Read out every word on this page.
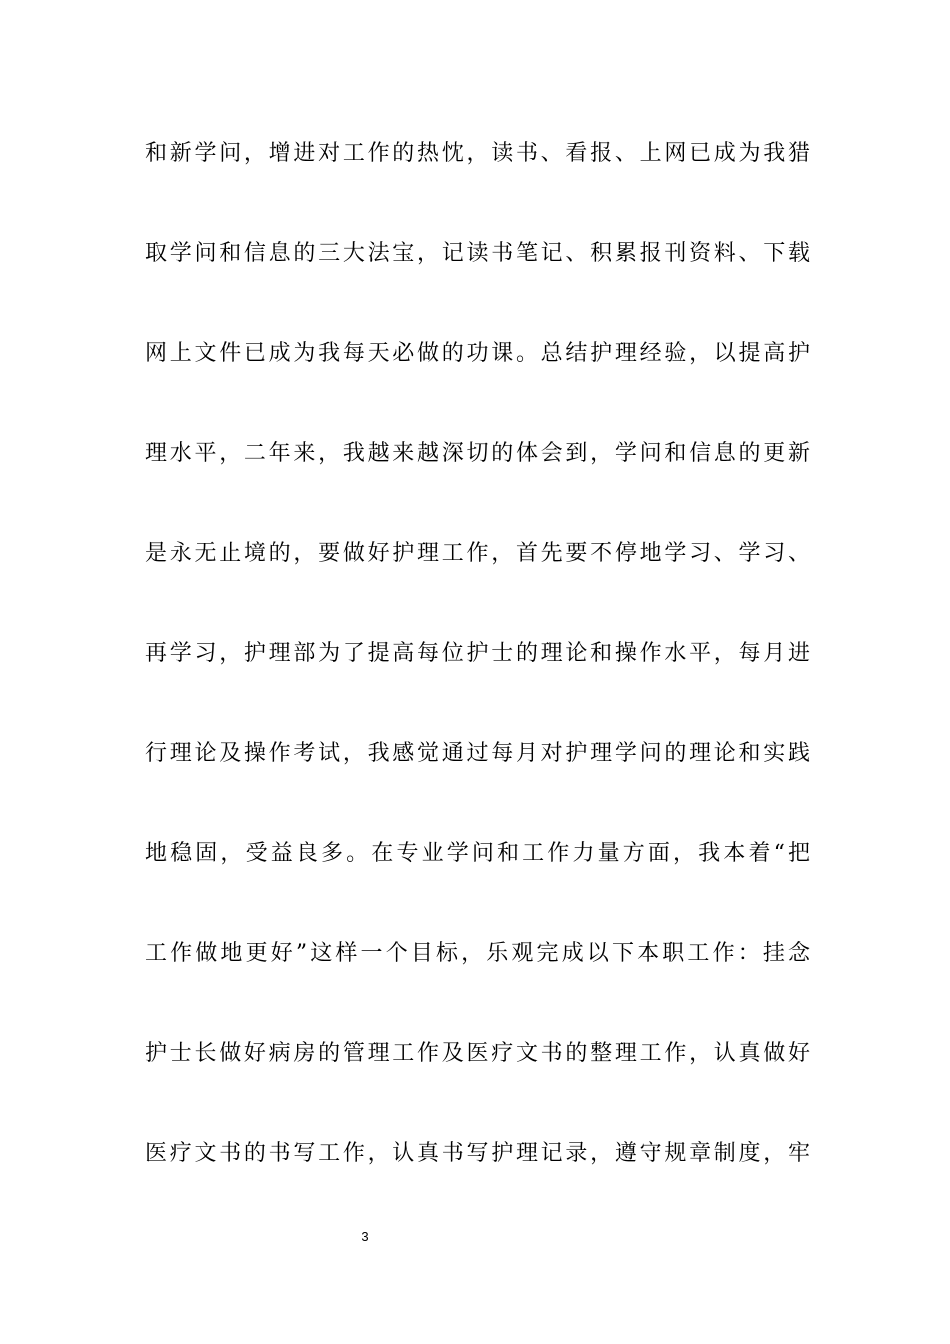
和新学问，增进对工作的热忱，读书、看报、上网已成为我猎
取学问和信息的三大法宝，记读书笔记、积累报刊资料、下载
网上文件已成为我每天必做的功课。总结护理经验，以提高护
理水平，二年来，我越来越深切的体会到，学问和信息的更新
是永无止境的，要做好护理工作，首先要不停地学习、学习、
再学习，护理部为了提高每位护士的理论和操作水平，每月进
行理论及操作考试，我感觉通过每月对护理学问的理论和实践
地稳固，受益良多。在专业学问和工作力量方面，我本着“把
工作做地更好”这样一个目标，乐观完成以下本职工作：挂念
护士长做好病房的管理工作及医疗文书的整理工作，认真做好
医疗文书的书写工作，认真书写护理记录，遵守规章制度，牢
3
